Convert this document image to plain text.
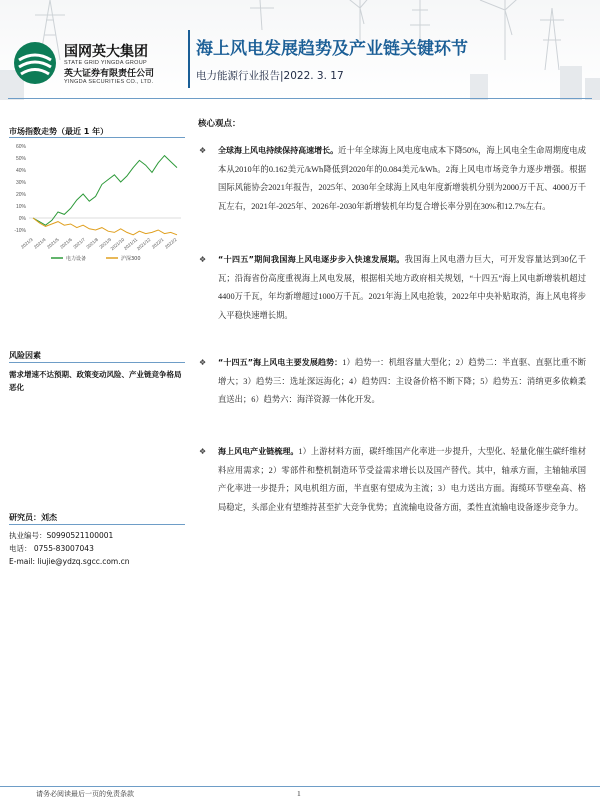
国网英大集团
STATE GRID YINGDA GROUP
英大证券有限责任公司
YINGDA SECURITIES CO., LTD.
海上风电发展趋势及产业链关键环节
电力能源行业报告|2022. 3. 17
市场指数走势（最近 1 年）
60%
50%
40%
30%
20%
10%
0%
-10%
2021/3 2021/4 2021/5 2021/6 2021/7 2021/8 2021/9
2021/10
2021/11
2021/12 2022/1 2022/2
电力设备	沪深300
风险因素
需求增速不达预期、政策变动风险、产业链竞争格局恶化
研究员：刘杰
执业编号：S0990521100001
电话： 0755-83007043
E-mail: liujie@ydzq.sgcc.com.cn
核心观点：
❖ 全球海上风电持续保持高速增长。近十年全球海上风电度电成本下降50%，海上风电全生命周期度电成本从2010年的0.162美元/kWh降低到2020年的0.084美元/kWh。2海上风电市场竞争力逐步增强。根据国际风能协会2021年报告，2025年、2030年全球海上风电年度新增装机分别为2000万千瓦、4000万千瓦左右，2021年-2025年、2026年-2030年新增装机年均复合增长率分别在30%和12.7%左右。
❖ “十四五”期间我国海上风电逐步步入快速发展期。我国海上风电潜力巨大，可开发容量达到30亿千瓦；沿海省份高度重视海上风电发展，根据相关地方政府相关规划，“十四五”海上风电新增装机超过4400万千瓦，年均新增超过1000万千瓦。2021年海上风电抢装，2022年中央补贴取消，海上风电将步入平稳快速增长期。
❖ “十四五”海上风电主要发展趋势：1）趋势一：机组容量大型化；2）趋势二：半直驱、直驱比重不断增大；3）趋势三：选址深远海化；4）趋势四：主设备价格不断下降；5）趋势五：消纳更多依赖柔直送出；6）趋势六：海洋资源一体化开发。
❖ 海上风电产业链梳理。1）上游材料方面，碳纤维国产化率进一步提升，大型化、轻量化催生碳纤维材料应用需求；2）零部件和整机制造环节受益需求增长以及国产替代。其中，轴承方面，主轴轴承国产化率进一步提升；风电机组方面，半直驱有望成为主流；3）电力送出方面。海缆环节壁垒高、格局稳定，头部企业有望维持甚至扩大竞争优势；直流输电设备方面，柔性直流输电设备逐步竞争力。
请务必阅读最后一页的免责条款	1
